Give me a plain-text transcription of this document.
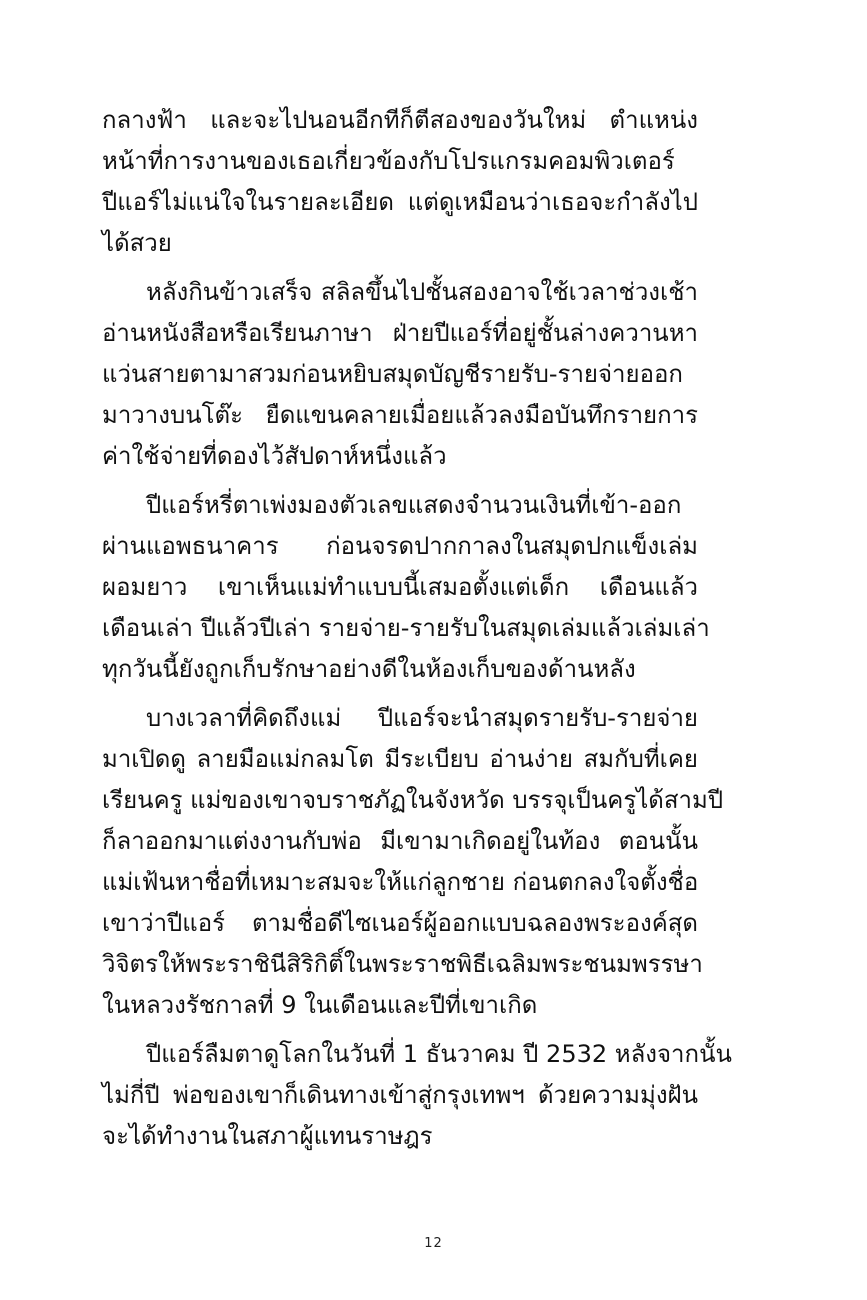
กลางฟ้า และจะไปนอนอีกทีก็ตีสองของวันใหม่ ตำแหน่ง
หน้าที่การงานของเธอเกี่ยวข้องกับโปรแกรมคอมพิวเตอร์
ปีแอร์ไม่แน่ใจในรายละเอียด แต่ดูเหมือนว่าเธอจะกำลังไป
ได้สวย

หลังกินข้าวเสร็จ สลิลขึ้นไปชั้นสองอาจใช้เวลาช่วงเช้า
อ่านหนังสือหรือเรียนภาษา ฝ่ายปีแอร์ที่อยู่ชั้นล่างควานหา
แว่นสายตามาสวมก่อนหยิบสมุดบัญชีรายรับ-รายจ่ายออก
มาวางบนโต๊ะ ยืดแขนคลายเมื่อยแล้วลงมือบันทึกรายการ
ค่าใช้จ่ายที่ดองไว้สัปดาห์หนึ่งแล้ว

ปีแอร์หรี่ตาเพ่งมองตัวเลขแสดงจำนวนเงินที่เข้า-ออก
ผ่านแอพธนาคาร ก่อนจรดปากกาลงในสมุดปกแข็งเล่ม
ผอมยาว เขาเห็นแม่ทำแบบนี้เสมอตั้งแต่เด็ก เดือนแล้ว
เดือนเล่า ปีแล้วปีเล่า รายจ่าย-รายรับในสมุดเล่มแล้วเล่มเล่า
ทุกวันนี้ยังถูกเก็บรักษาอย่างดีในห้องเก็บของด้านหลัง

บางเวลาที่คิดถึงแม่ ปีแอร์จะนำสมุดรายรับ-รายจ่าย
มาเปิดดู ลายมือแม่กลมโต มีระเบียบ อ่านง่าย สมกับที่เคย
เรียนครู แม่ของเขาจบราชภัฏในจังหวัด บรรจุเป็นครูได้สามปี
ก็ลาออกมาแต่งงานกับพ่อ มีเขามาเกิดอยู่ในท้อง ตอนนั้น
แม่เฟ้นหาชื่อที่เหมาะสมจะให้แก่ลูกชาย ก่อนตกลงใจตั้งชื่อ
เขาว่าปีแอร์ ตามชื่อดีไซเนอร์ผู้ออกแบบฉลองพระองค์สุด
วิจิตรให้พระราชินีสิริกิติ์ในพระราชพิธีเฉลิมพระชนมพรรษา
ในหลวงรัชกาลที่ 9 ในเดือนและปีที่เขาเกิด

ปีแอร์ลืมตาดูโลกในวันที่ 1 ธันวาคม ปี 2532 หลังจากนั้น
ไม่กี่ปี พ่อของเขาก็เดินทางเข้าสู่กรุงเทพฯ ด้วยความมุ่งฝัน
จะได้ทำงานในสภาผู้แทนราษฎร

12
